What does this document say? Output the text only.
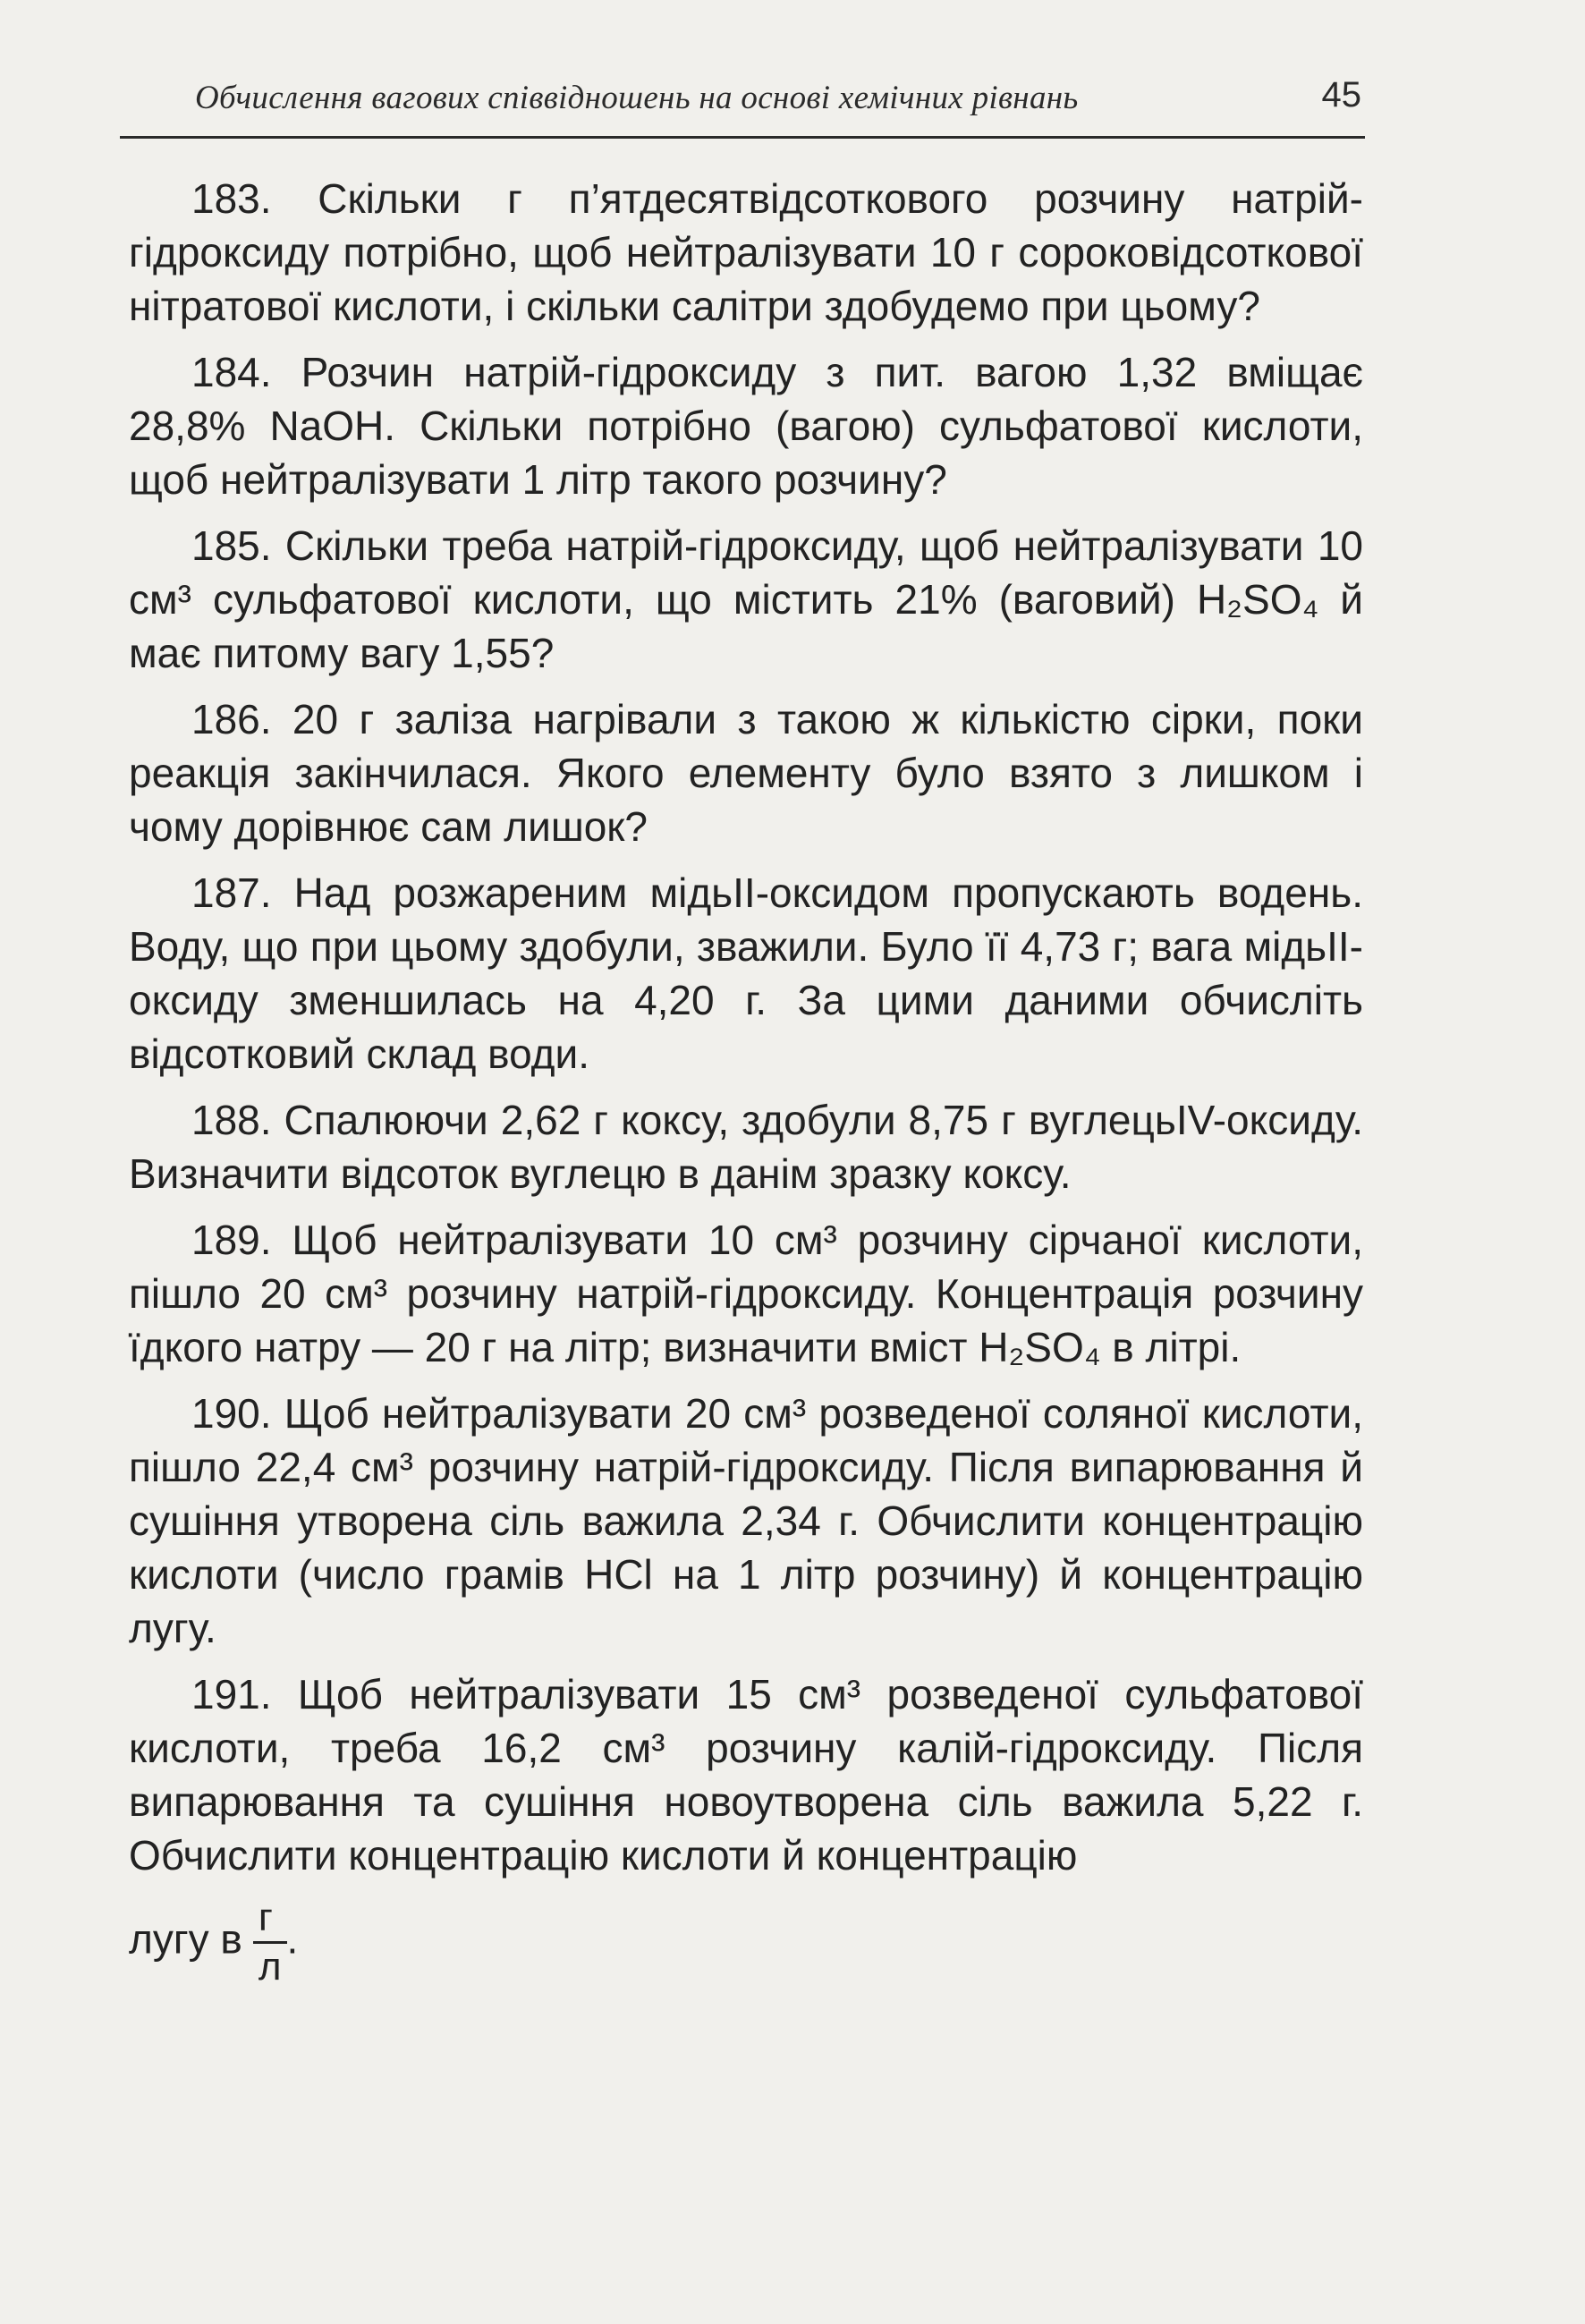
Обчислення вагових співвідношень на основі хемічних рівнань	45

183. Скільки г п’ятдесятвідсоткового розчину натрій-гідроксиду потрібно, щоб нейтралізувати 10 г сороковідсоткової нітратової кислоти, і скільки салітри здобудемо при цьому?

184. Розчин натрій-гідроксиду з пит. вагою 1,32 вміщає 28,8% NaOH. Скільки потрібно (вагою) сульфатової кислоти, щоб нейтралізувати 1 літр такого розчину?

185. Скільки треба натрій-гідроксиду, щоб нейтралізувати 10 см³ сульфатової кислоти, що містить 21% (ваговий) H₂SO₄ й має питому вагу 1,55?

186. 20 г заліза нагрівали з такою ж кількістю сірки, поки реакція закінчилася. Якого елементу було взято з лишком і чому дорівнює сам лишок?

187. Над розжареним мідьII-оксидом пропускають водень. Воду, що при цьому здобули, зважили. Було її 4,73 г; вага мідьII-оксиду зменшилась на 4,20 г. За цими даними обчисліть відсотковий склад води.

188. Спалюючи 2,62 г коксу, здобули 8,75 г вуглецьIV-оксиду. Визначити відсоток вуглецю в данім зразку коксу.

189. Щоб нейтралізувати 10 см³ розчину сірчаної кислоти, пішло 20 см³ розчину натрій-гідроксиду. Концентрація розчину їдкого натру — 20 г на літр; визначити вміст H₂SO₄ в літрі.

190. Щоб нейтралізувати 20 см³ розведеної соляної кислоти, пішло 22,4 см³ розчину натрій-гідроксиду. Після випарювання й сушіння утворена сіль важила 2,34 г. Обчислити концентрацію кислоти (число грамів HCl на 1 літр розчину) й концентрацію лугу.

191. Щоб нейтралізувати 15 см³ розведеної сульфатової кислоти, треба 16,2 см³ розчину калій-гідроксиду. Після випарювання та сушіння новоутворена сіль важила 5,22 г. Обчислити концентрацію кислоти й концентрацію

лугу в $\frac{г}{л}$ .
